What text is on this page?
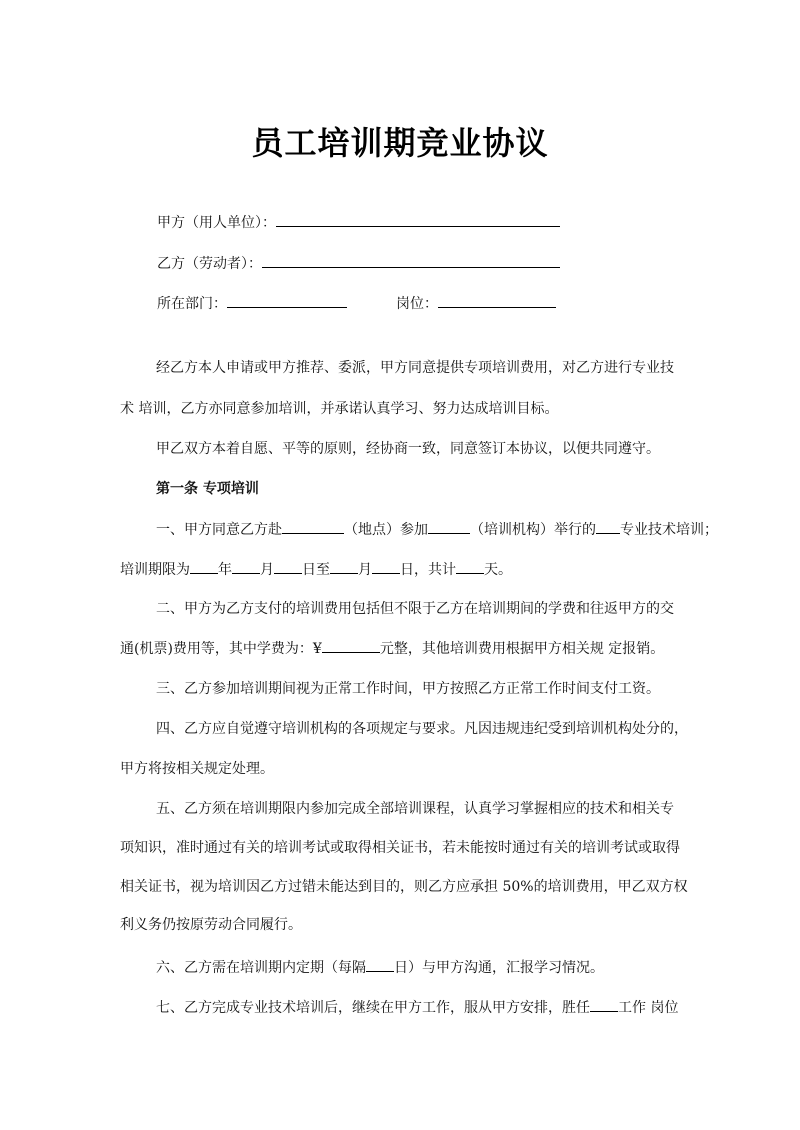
员工培训期竞业协议
甲方（用人单位）：
乙方（劳动者）：
所在部门：	岗位：
经乙方本人申请或甲方推荐、委派，甲方同意提供专项培训费用，对乙方进行专业技
术 培训，乙方亦同意参加培训，并承诺认真学习、努力达成培训目标。
甲乙双方本着自愿、平等的原则，经协商一致，同意签订本协议，以便共同遵守。
第一条 专项培训
一、甲方同意乙方赴	（地点）参加	（培训机构）举行的 专业技术培训；
培训期限为 年 月 日至 月 日，共计 天。
二、甲方为乙方支付的培训费用包括但不限于乙方在培训期间的学费和往返甲方的交
通(机票)费用等，其中学费为：¥	元整，其他培训费用根据甲方相关规 定报销。
三、乙方参加培训期间视为正常工作时间，甲方按照乙方正常工作时间支付工资。
四、乙方应自觉遵守培训机构的各项规定与要求。凡因违规违纪受到培训机构处分的，
甲方将按相关规定处理。
五、乙方须在培训期限内参加完成全部培训课程，认真学习掌握相应的技术和相关专
项知识，准时通过有关的培训考试或取得相关证书，若未能按时通过有关的培训考试或取得
相关证书，视为培训因乙方过错未能达到目的，则乙方应承担 50%的培训费用，甲乙双方权
利义务仍按原劳动合同履行。
六、乙方需在培训期内定期（每隔 日）与甲方沟通，汇报学习情况。
七、乙方完成专业技术培训后，继续在甲方工作，服从甲方安排，胜任 工作 岗位
